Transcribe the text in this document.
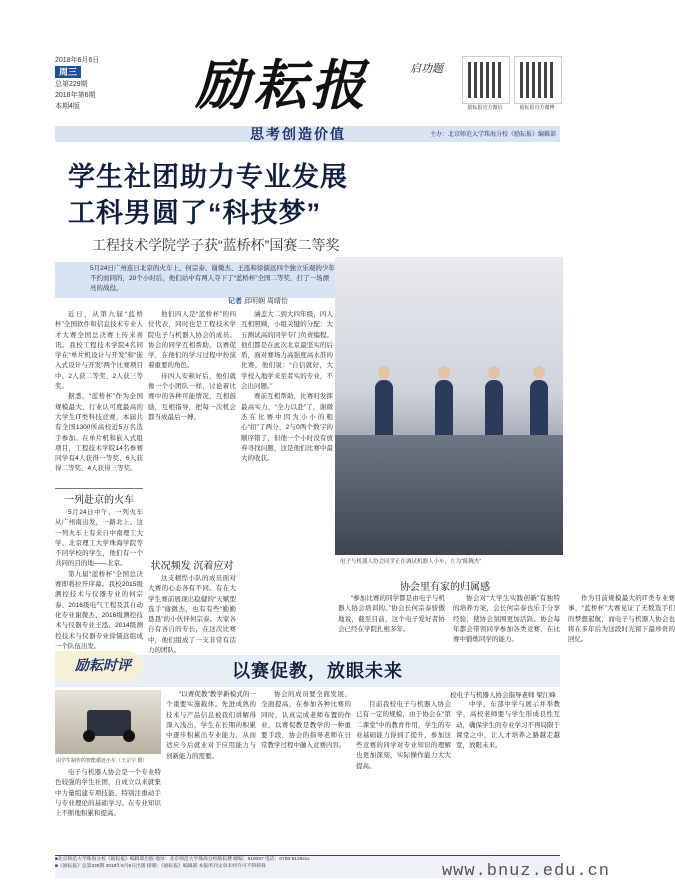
2018年6月6日
周三
总第229期
2018年第6期
本期4版	励耘报	启功题
励耘报官方微信	励耘报官方微博
思考创造价值	主办：北京师范大学珠海分校《励耘报》编辑部
学生社团助力专业发展
工科男圆了“科技梦”
工程技术学院学子获“蓝桥杯”国赛二等奖
5月24日广州连日北京的火车上，何宗泰、谢微杰、王泓和徐儒远四个独立乐观的少年不约而同的，20个小时后，他们站中有两人夺下了“蓝桥杯”全国二等奖，打了一场漂亮的战役。
电子与机器人协会同学正在调试机器人小车，左为“陈腾杰”
记者 邱明娴 周晴怡

近日，从第九届“蓝桥杯”全国软件和信息技术专业人才大赛全国总决赛上传来喜讯。我校工程技术学院4名同学在“单片机设计与开发”和“嵌入式设计与开发”两个比赛项目中，2人获二等奖、2人获三等奖。

据悉，“蓝桥杯”作为全国规模最大、行业认可度最高的大学生IT类科技竞赛，本届共有全国1300所高校近5万名选手参加。在单片机和嵌入式组项目，工程技术学院14名参赛同学有4人获得一等奖、6人获得二等奖、4人获得三等奖。

一列赴京的火车

5月24日中午，一列火车从广州南出发，一路北上。这一列火车上有来自中南理工大学、北京理工大学珠海学院等不同学校的学生，他们有一个共同的目的地——北京。

第九届“蓝桥杯”全国总决赛即将拉开序幕。我校2015级测控技术与仪器专业的何宗泰、2016级电气工程及其自动化专业谢微杰、2016级测控技术与仪器专业王泓、2014级测控技术与仪器专业徐儒远组成一个队伍出发。

他们四人是“蓝桥杯”的四位代表，同时也是工程技术学院电子与机器人协会的成员。协会的同学互相帮助，以赛促学，在他们的学习过程中扮演着重要的角色。

待四人安顿好后，他们就像一个小团队一样，讨论着比赛中的各种可能情况，互相鼓励，互相指导，把每一次机会都当成最后一搏。

状况频发 沉着应对

这支精悍小队的成员面对大赛的心态各有不同。有在大学生赛前展现出稳健的“天赋型选手”谢微杰，也有有些“勤勤恳恳”的小伙伴何宗泰。大家各自有各自的专长，在这次比赛中，他们组成了一支非常有活力的团队。

涵盖大二到大四年级，四人互相照顾，小组关键的分配：大五测试高的同学专门负责编程。他们都是在此次北京最坚实的后盾，面对赛场力高强度高水准的比赛，他们说：“自信就好，大学校入地学来至者实的专业，不会出问题。”

赛前互相帮助，比赛时发挥最高实力，“全力以赴”了，谢微杰在比赛中因为小小的粗心“扣”了两分，2与0两个数字的顺序错了，但他一个小时没有放弃寻找问题，这是他们比赛中最大的收获。

协会里有家的归属感

“参加比赛的同学都是由电子与机器人协会培训的。”协会长何宗泰骄傲地说，截至目前，这个电子爱好者协会已经在学院扎根多年。

协会对“大学生实践创新”有独特的培养方案，会长何宗泰也乐于分享经验，使协会氛围更加活跃。协会每年都会带领同学参加各类竞赛，在比赛中锻炼同学的能力。

作为目前规模最大的IT类专业赛事，“蓝桥杯”大赛见证了无数选手们的梦想起航，而电子与机器人协会也将在多年后为这段时光留下最珍贵的回忆。

励耘时评	以赛促教，放眼未来
校电子与机器人协会指导老师 梁江峰
由学生制作的智能循迹小车（王宗宇 摄）

电子与机器人协会是一个专业特色较强的学生社团，自成立以来就集中力量组建专项技能、特别注重动手与专业理论的基础学习。在专业知识上不断地积累和提高。

“以赛促教”教学新模式的一个重要实施载体。先进成熟的技术与产品信息被我们讲解得深入浅出，学生在长期的积累中逐步积累出专业能力，从而适应今后就业对于应用能力与创新能力的需要。

协会的成员要全面发展、全面提高，在参加各种比赛的同时，认真完成老师布置的作业，以赛促教是教学的一种重要手段，协会的指导老师在日常教学过程中融入竞赛内容。

目前我校电子与机器人协会已有一定的规模，由于协会在“第二课堂”中的教育作用，学生的专业基础能力得到了提升，参加这些竞赛的同学对专业知识的理解也更加深刻，实际操作能力大大提高。

中学，东部中学与展示并举教学，高校老师要与学生形成良性互动，确保学生的专业学习不再局限于课堂之中，让人才培养之路越走越宽，放眼未来。

■北京师范大学珠海分校《励耘报》编辑部出版 地址：北京师范大学珠海分校励耘楼 邮编：519087 电话：0756-6126xxx
■《励耘报》总第229期 2018年6月6日出版 排版：《励耘报》编辑部 本报所刊文章未经许可不得转载	www.bnuz.edu.cn
